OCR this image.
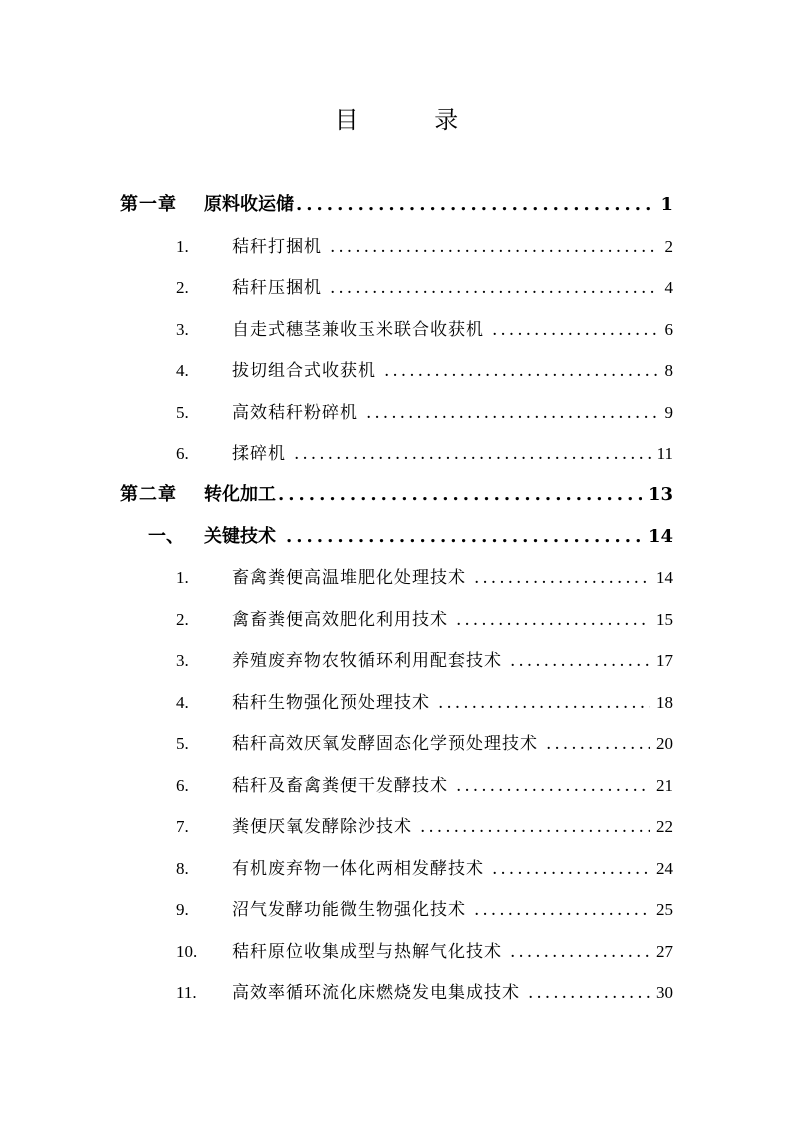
目 录
第一章	原料收运储 .....	1
1.	秸秆打捆机 .....	2
2.	秸秆压捆机 .....	4
3.	自走式穗茎兼收玉米联合收获机 .....	6
4.	拔切组合式收获机 .....	8
5.	高效秸秆粉碎机 .....	9
6.	揉碎机 .....	11
第二章	转化加工 .....	13
一、	关键技术 .....	14
1.	畜禽粪便高温堆肥化处理技术 .....	14
2.	禽畜粪便高效肥化利用技术 .....	15
3.	养殖废弃物农牧循环利用配套技术 .....	17
4.	秸秆生物强化预处理技术 .....	18
5.	秸秆高效厌氧发酵固态化学预处理技术 .....	20
6.	秸秆及畜禽粪便干发酵技术 .....	21
7.	粪便厌氧发酵除沙技术 .....	22
8.	有机废弃物一体化两相发酵技术 .....	24
9.	沼气发酵功能微生物强化技术 .....	25
10.	秸秆原位收集成型与热解气化技术 .....	27
11.	高效率循环流化床燃烧发电集成技术 .....	30
